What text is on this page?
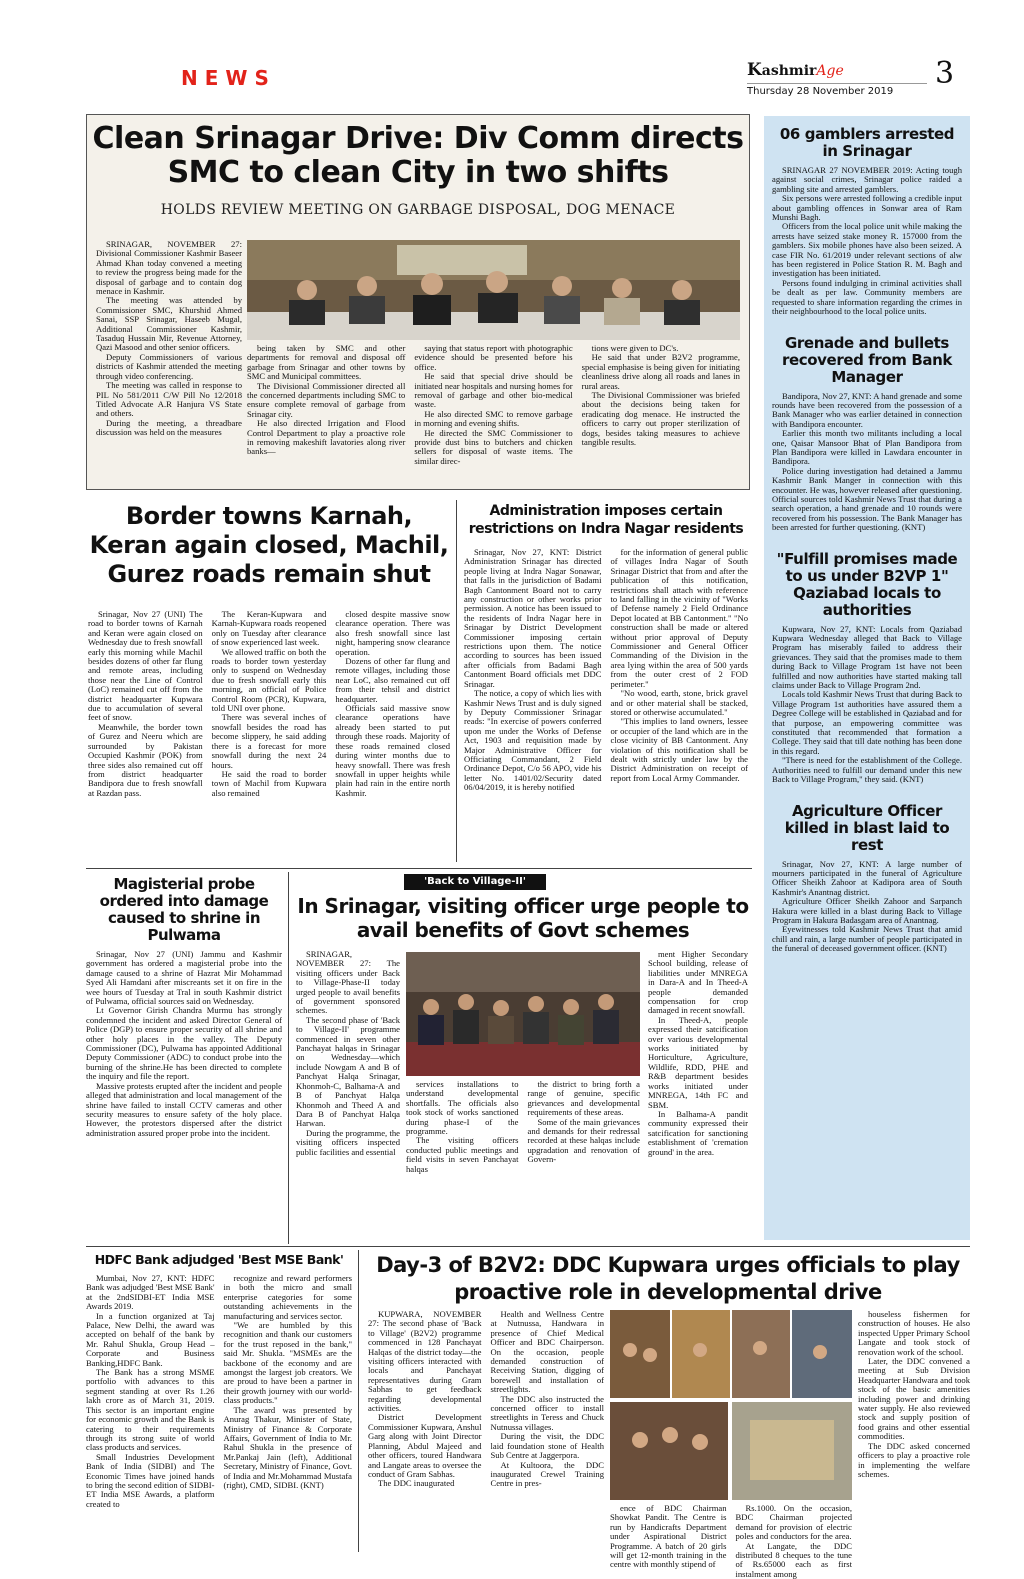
NEWS	KashmirAge
Thursday 28 November 2019
3
Clean Srinagar Drive: Div Comm directs
SMC to clean City in two shifts
HOLDS REVIEW MEETING ON GARBAGE DISPOSAL, DOG MENACE

SRINAGAR, NOVEMBER 27: Divisional Commissioner Kashmir Baseer Ahmad Khan today convened a meeting to review the progress being made for the disposal of garbage and to contain dog menace in Kashmir.

The meeting was attended by Commissioner SMC, Khurshid Ahmed Sanai, SSP Srinagar, Haseeb Mugal, Additional Commissioner Kashmir, Tasaduq Hussain Mir, Revenue Attorney, Qazi Masood and other senior officers.

Deputy Commissioners of various districts of Kashmir attended the meeting through video conferencing.

The meeting was called in response to PIL No 581/2011 C/W Pill No 12/2018 Titled Advocate A.R Hanjura VS State and others.

During the meeting, a threadbare discussion was held on the measures

being taken by SMC and other departments for removal and disposal off garbage from Srinagar and other towns by SMC and Municipal committees.

The Divisional Commissioner directed all the concerned departments including SMC to ensure complete removal of garbage from Srinagar city.

He also directed Irrigation and Flood Control Department to play a proactive role in removing makeshift lavatories along river banks—

saying that status report with photographic evidence should be presented before his office.

He said that special drive should be initiated near hospitals and nursing homes for removal of garbage and other bio-medical waste.

He also directed SMC to remove garbage in morning and evening shifts.

He directed the SMC Commissioner to provide dust bins to butchers and chicken sellers for disposal of waste items. The similar direc-

tions were given to DC's.

He said that under B2V2 programme, special emphasise is being given for initiating cleanliness drive along all roads and lanes in rural areas.

The Divisional Commissioner was briefed about the decisions being taken for eradicating dog menace. He instructed the officers to carry out proper sterilization of dogs, besides taking measures to achieve tangible results.

Border towns Karnah,
Keran again closed, Machil,
Gurez roads remain shut

Srinagar, Nov 27 (UNI) The road to border towns of Karnah and Keran were again closed on Wednesday due to fresh snowfall early this morning while Machil besides dozens of other far flung and remote areas, including those near the Line of Control (LoC) remained cut off from the district headquarter Kupwara due to accumulation of several feet of snow.

Meanwhile, the border town of Gurez and Neeru which are surrounded by Pakistan Occupied Kashmir (POK) from three sides also remained cut off from district headquarter Bandipora due to fresh snowfall at Razdan pass.

The Keran-Kupwara and Karnah-Kupwara roads reopened only on Tuesday after clearance of snow experienced last week.

We allowed traffic on both the roads to border town yesterday only to suspend on Wednesday due to fresh snowfall early this morning, an official of Police Control Room (PCR), Kupwara, told UNI over phone.

There was several inches of snowfall besides the road has become slippery, he said adding there is a forecast for more snowfall during the next 24 hours.

He said the road to border town of Machil from Kupwara also remained

closed despite massive snow clearance operation. There was also fresh snowfall since last night, hampering snow clearance operation.

Dozens of other far flung and remote villages, including those near LoC, also remained cut off from their tehsil and district headquarter.

Officials said massive snow clearance operations have already been started to put through these roads. Majority of these roads remained closed during winter months due to heavy snowfall. There was fresh snowfall in upper heights while plain had rain in the entire north Kashmir.

Administration imposes certain
restrictions on Indra Nagar residents

Srinagar, Nov 27, KNT: District Administration Srinagar has directed people living at Indra Nagar Sonawar, that falls in the jurisdiction of Badami Bagh Cantonment Board not to carry any construction or other works prior permission. A notice has been issued to the residents of Indra Nagar here in Srinagar by District Development Commissioner imposing certain restrictions upon them. The notice according to sources has been issued after officials from Badami Bagh Cantonment Board officials met DDC Srinagar.

The notice, a copy of which lies with Kashmir News Trust and is duly signed by Deputy Commissioner Srinagar reads: "In exercise of powers conferred upon me under the Works of Defense Act, 1903 and requisition made by Major Administrative Officer for Officiating Commandant, 2 Field Ordinance Depot, C/o 56 APO, vide his letter No. 1401/02/Security dated 06/04/2019, it is hereby notified

for the information of general public of villages Indra Nagar of South Srinagar District that from and after the publication of this notification, restrictions shall attach with reference to land falling in the vicinity of "Works of Defense namely 2 Field Ordinance Depot located at BB Cantonment." "No construction shall be made or altered without prior approval of Deputy Commissioner and General Officer Commanding of the Division in the area lying within the area of 500 yards from the outer crest of 2 FOD perimeter."

"No wood, earth, stone, brick gravel and or other material shall be stacked, stored or otherwise accumulated."

"This implies to land owners, lessee or occupier of the land which are in the close vicinity of BB Cantonment. Any violation of this notification shall be dealt with strictly under law by the District Administration on receipt of report from Local Army Commander.

Magisterial probe
ordered into damage
caused to shrine in
Pulwama

Srinagar, Nov 27 (UNI) Jammu and Kashmir government has ordered a magisterial probe into the damage caused to a shrine of Hazrat Mir Mohammad Syed Ali Hamdani after miscreants set it on fire in the wee hours of Tuesday at Tral in south Kashmir district of Pulwama, official sources said on Wednesday.

Lt Governor Girish Chandra Murmu has strongly condemned the incident and asked Director General of Police (DGP) to ensure proper security of all shrine and other holy places in the valley. The Deputy Commissioner (DC), Pulwama has appointed Additional Deputy Commissioner (ADC) to conduct probe into the burning of the shrine.He has been directed to complete the inquiry and file the report.

Massive protests erupted after the incident and people alleged that administration and local management of the shrine have failed to install CCTV cameras and other security measures to ensure safety of the holy place. However, the protestors dispersed after the district administration assured proper probe into the incident.

'Back to Village-II'
In Srinagar, visiting officer urge people to
avail benefits of Govt schemes

SRINAGAR, NOVEMBER 27: The visiting officers under Back to Village-Phase-II today urged people to avail benefits of government sponsored schemes.

The second phase of 'Back to Village-II' programme commenced in seven other Panchayat halqas in Srinagar on Wednesday—which include Nowgam A and B of Panchyat Halqa Srinagar, Khonmoh-C, Balhama-A and B of Panchyat Halqa Khonmoh and Theed A and Dara B of Panchyat Halqa Harwan.

During the programme, the visiting officers inspected public facilities and essential

services installations to understand developmental shortfalls. The officials also took stock of works sanctioned during phase-I of the programme.

The visiting officers conducted public meetings and field visits in seven Panchayat halqas

the district to bring forth a range of genuine, specific grievances and developmental requirements of these areas.

Some of the main grievances and demands for their redressal recorded at these halqas include upgradation and renovation of Govern-

ment Higher Secondary School building, release of liabilities under MNREGA in Dara-A and In Theed-A people demanded compensation for crop damaged in recent snowfall.

In Theed-A, people expressed their satcification over various developmental works initiated by Horticulture, Agriculture, Wildlife, RDD, PHE and R&B department besides works initiated under MNREGA, 14th FC and SBM.

In Balhama-A pandit community expressed their satcification for sanctioning establishment of 'cremation ground' in the area.

06 gamblers arrested in Srinagar

SRINAGAR 27 NOVEMBER 2019: Acting tough against social crimes, Srinagar police raided a gambling site and arrested gamblers.

Six persons were arrested following a credible input about gambling offences in Sonwar area of Ram Munshi Bagh.

Officers from the local police unit while making the arrests have seized stake money R. 157000 from the gamblers. Six mobile phones have also been seized. A case FIR No. 61/2019 under relevant sections of alw has been registered in Police Station R. M. Bagh and investigation has been initiated.

Persons found indulging in criminal activities shall be dealt as per law. Community members are requested to share information regarding the crimes in their neighbourhood to the local police units.

Grenade and bullets recovered from Bank Manager

Bandipora, Nov 27, KNT: A hand grenade and some rounds have been recovered from the possession of a Bank Manager who was earlier detained in connection with Bandipora encounter.

Earlier this month two militants including a local one, Qaisar Mansoor Bhat of Plan Bandipora from Plan Bandipora were killed in Lawdara encounter in Bandipora.

Police during investigation had detained a Jammu Kashmir Bank Manger in connection with this encounter. He was, however released after questioning. Official sources told Kashmir News Trust that during a search operation, a hand grenade and 10 rounds were recovered from his possession. The Bank Manager has been arrested for further questioning. (KNT)

"Fulfill promises made to us under B2VP 1" Qaziabad locals to authorities

Kupwara, Nov 27, KNT: Locals from Qaziabad Kupwara Wednesday alleged that Back to Village Program has miserably failed to address their grievances. They said that the promises made to them during Back to Village Program 1st have not been fulfilled and now authorities have started making tall claims under Back to Village Program 2nd.

Locals told Kashmir News Trust that during Back to Village Program 1st authorities have assured them a Degree College will be established in Qaziabad and for that purpose, an empowering committee was constituted that recommended that formation a College. They said that till date nothing has been done in this regard.

"There is need for the establishment of the College. Authorities need to fulfill our demand under this new Back to Village Program," they said. (KNT)

Agriculture Officer killed in blast laid to rest

Srinagar, Nov 27, KNT: A large number of mourners participated in the funeral of Agriculture Officer Sheikh Zahoor at Kadipora area of South Kashmir's Anantnag district.

Agriculture Officer Sheikh Zahoor and Sarpanch Hakura were killed in a blast during Back to Village Program in Hakura Badasgam area of Anantnag.

Eyewitnesses told Kashmir News Trust that amid chill and rain, a large number of people participated in the funeral of deceased government officer. (KNT)

HDFC Bank adjudged 'Best MSE Bank'

Mumbai, Nov 27, KNT: HDFC Bank was adjudged 'Best MSE Bank' at the 2ndSIDBI-ET India MSE Awards 2019.

In a function organized at Taj Palace, New Delhi, the award was accepted on behalf of the bank by Mr. Rahul Shukla, Group Head – Corporate and Business Banking,HDFC Bank.

The Bank has a strong MSME portfolio with advances to this segment standing at over Rs 1.26 lakh crore as of March 31, 2019. This sector is an important engine for economic growth and the Bank is catering to their requirements through its strong suite of world class products and services.

Small Industries Development Bank of India (SIDBI) and The Economic Times have joined hands to bring the second edition of SIDBI-ET India MSE Awards, a platform created to

recognize and reward performers in both the micro and small enterprise categories for some outstanding achievements in the manufacturing and services sector.

"We are humbled by this recognition and thank our customers for the trust reposed in the bank," said Mr. Shukla. "MSMEs are the backbone of the economy and are amongst the largest job creators. We are proud to have been a partner in their growth journey with our world-class products."

The award was presented by Anurag Thakur, Minister of State, Ministry of Finance & Corporate Affairs, Government of India to Mr. Rahul Shukla in the presence of Mr.Pankaj Jain (left), Additional Secretary, Ministry of Finance, Govt. of India and Mr.Mohammad Mustafa (right), CMD, SIDBI. (KNT)

Day-3 of B2V2: DDC Kupwara urges officials to play
proactive role in developmental drive

KUPWARA, NOVEMBER 27: The second phase of 'Back to Village' (B2V2) programme commenced in 128 Panchayat Halqas of the district today—the visiting officers interacted with locals and Panchayat representatives during Gram Sabhas to get feedback regarding developmental activities.

District Development Commissioner Kupwara, Anshul Garg along with Joint Director Planning, Abdul Majeed and other officers, toured Handwara and Langate areas to oversee the conduct of Gram Sabhas.

The DDC inaugurated

Health and Wellness Centre at Nutnussa, Handwara in presence of Chief Medical Officer and BDC Chairperson. On the occasion, people demanded construction of Receiving Station, digging of borewell and installation of streetlights.

The DDC also instructed the concerned officer to install streetlights in Teress and Chuck Nutnussa villages.

During the visit, the DDC laid foundation stone of Health Sub Centre at Jaggerpora.

At Kultoora, the DDC inaugurated Crewel Training Centre in pres-

ence of BDC Chairman Showkat Pandit. The Centre is run by Handicrafts Department under Aspirational District Programme. A batch of 20 girls will get 12-month training in the centre with monthly stipend of

Rs.1000. On the occasion, BDC Chairman projected demand for provision of electric poles and conductors for the area.

At Langate, the DDC distributed 8 cheques to the tune of Rs.65000 each as first instalment among

houseless fishermen for construction of houses. He also inspected Upper Primary School Langate and took stock of renovation work of the school.

Later, the DDC convened a meeting at Sub Division Headquarter Handwara and took stock of the basic amenities including power and drinking water supply. He also reviewed stock and supply position of food grains and other essential commodities.

The DDC asked concerned officers to play a proactive role in implementing the welfare schemes.
